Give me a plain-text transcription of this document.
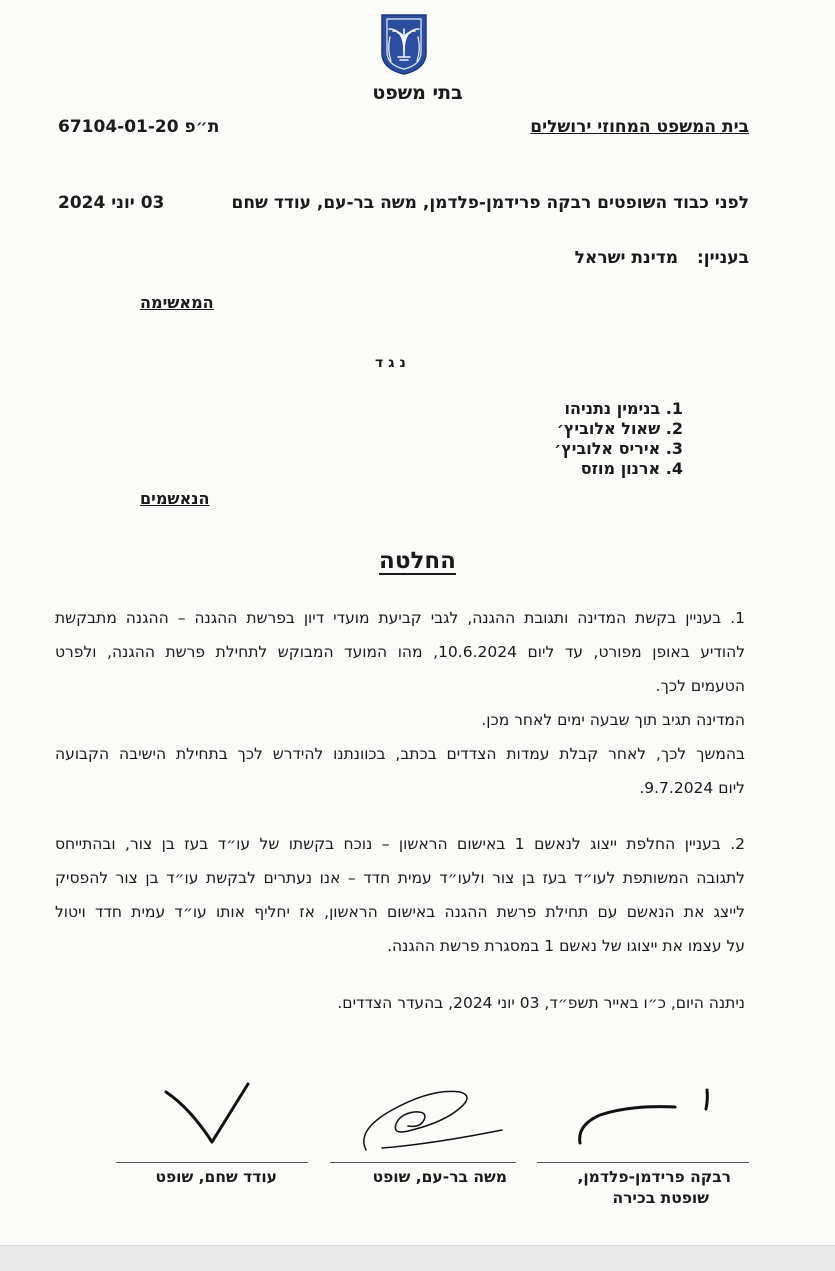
בתי משפט
בית המשפט המחוזי ירושלים
ת״פ 67104-01-20
לפני כבוד השופטים רבקה פרידמן-פלדמן, משה בר-עם, עודד שחם
03 יוני 2024
בעניין:
מדינת ישראל
המאשימה
נגד
1. בנימין נתניהו
2. שאול אלוביץ׳
3. איריס אלוביץ׳
4. ארנון מוזס
הנאשמים
החלטה
1. בעניין בקשת המדינה ותגובת ההגנה, לגבי קביעת מועדי דיון בפרשת ההגנה – ההגנה מתבקשת
להודיע באופן מפורט, עד ליום 10.6.2024, מהו המועד המבוקש לתחילת פרשת ההגנה, ולפרט
הטעמים לכך.
המדינה תגיב תוך שבעה ימים לאחר מכן.
בהמשך לכך, לאחר קבלת עמדות הצדדים בכתב, בכוונתנו להידרש לכך בתחילת הישיבה הקבועה
ליום 9.7.2024.
2. בעניין החלפת ייצוג לנאשם 1 באישום הראשון – נוכח בקשתו של עו״ד בעז בן צור, ובהתייחס
לתגובה המשותפת לעו״ד בעז בן צור ולעו״ד עמית חדד – אנו נעתרים לבקשת עו״ד בן צור להפסיק
לייצג את הנאשם עם תחילת פרשת ההגנה באישום הראשון, אז יחליף אותו עו״ד עמית חדד ויטול
על עצמו את ייצוגו של נאשם 1 במסגרת פרשת ההגנה.
ניתנה היום, כ״ו באייר תשפ״ד, 03 יוני 2024, בהעדר הצדדים.
רבקה פרידמן-פלדמן,
שופטת בכירה
משה בר-עם, שופט
עודד שחם, שופט
